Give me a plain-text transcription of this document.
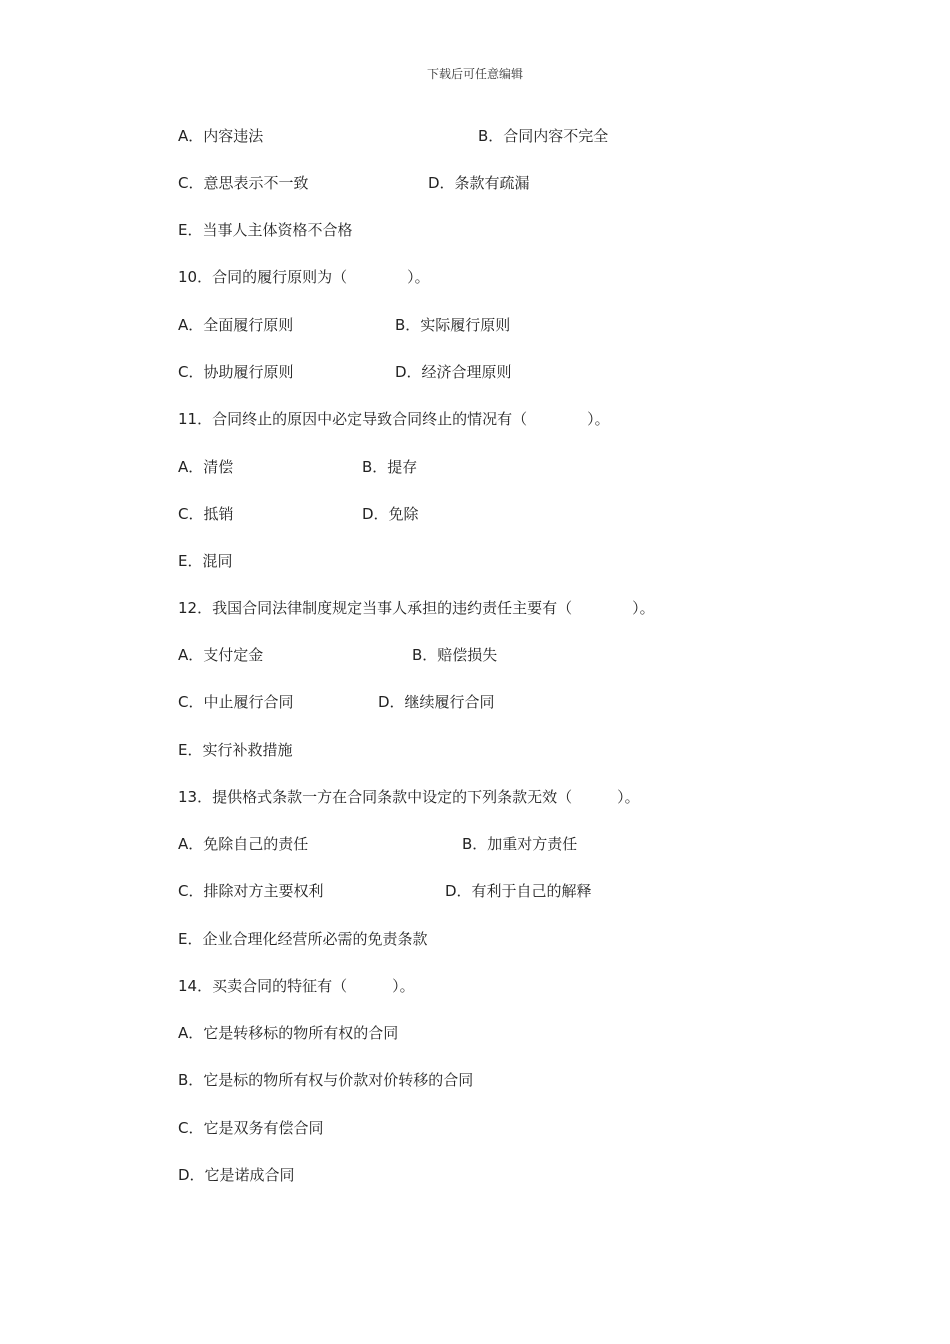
下载后可任意编辑
A．内容违法	B．合同内容不完全
C．意思表示不一致	D．条款有疏漏
E．当事人主体资格不合格
10．合同的履行原则为（　　　　）。
A．全面履行原则	B．实际履行原则
C．协助履行原则	D．经济合理原则
11．合同终止的原因中必定导致合同终止的情况有（　　　　）。
A．清偿	B．提存
C．抵销	D．免除
E．混同
12．我国合同法律制度规定当事人承担的违约责任主要有（　　　　）。
A．支付定金	B．赔偿损失
C．中止履行合同	D．继续履行合同
E．实行补救措施
13．提供格式条款一方在合同条款中设定的下列条款无效（　　　）。
A．免除自己的责任	B．加重对方责任
C．排除对方主要权利	D．有利于自己的解释
E．企业合理化经营所必需的免责条款
14．买卖合同的特征有（　　　）。
A．它是转移标的物所有权的合同
B．它是标的物所有权与价款对价转移的合同
C．它是双务有偿合同
D．它是诺成合同
